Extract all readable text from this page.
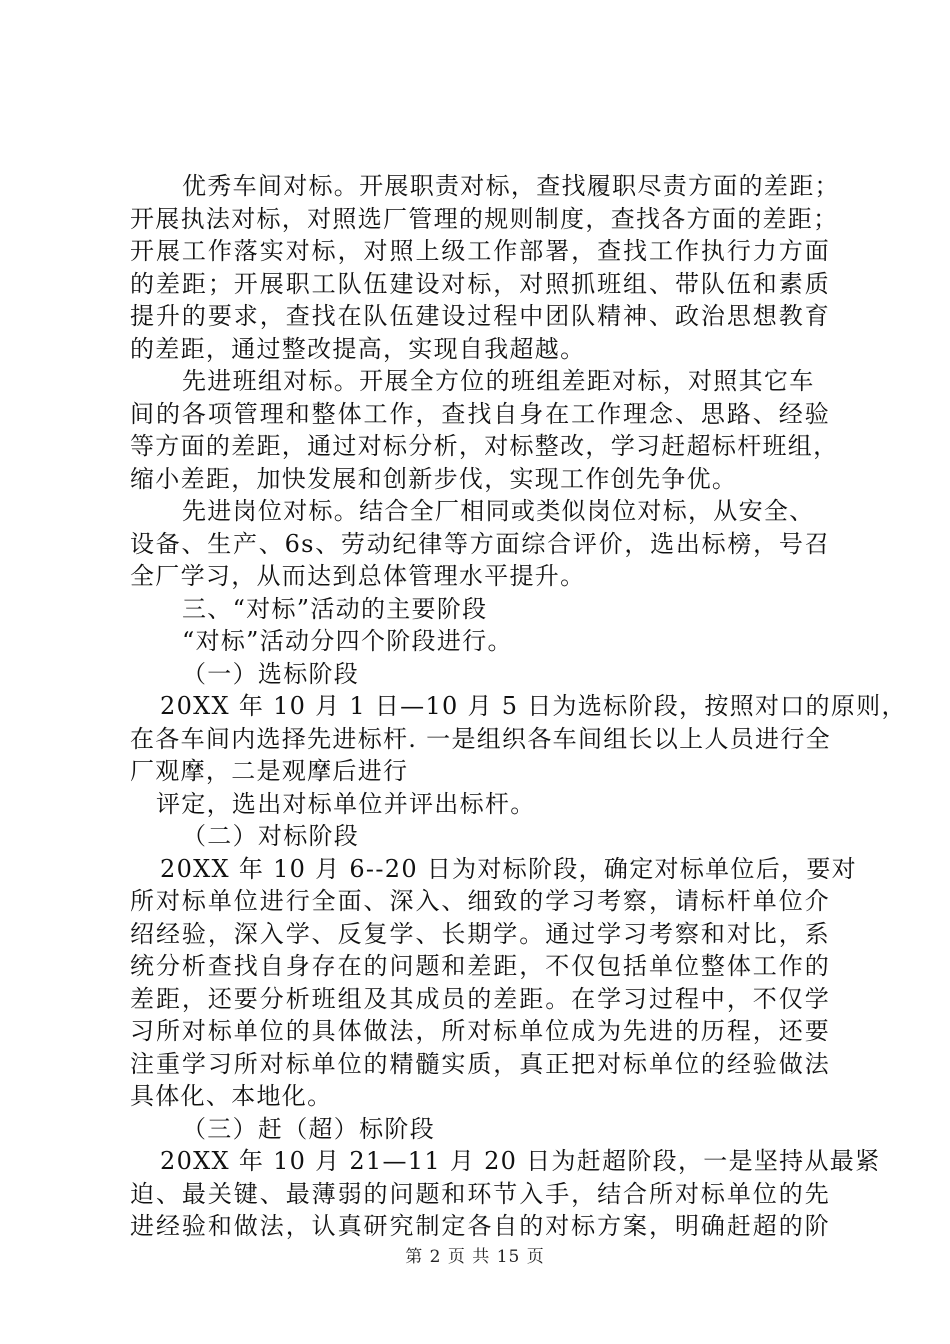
优秀车间对标。开展职责对标，查找履职尽责方面的差距；
开展执法对标，对照选厂管理的规则制度，查找各方面的差距；
开展工作落实对标，对照上级工作部署，查找工作执行力方面
的差距；开展职工队伍建设对标，对照抓班组、带队伍和素质
提升的要求，查找在队伍建设过程中团队精神、政治思想教育
的差距，通过整改提高，实现自我超越。
先进班组对标。开展全方位的班组差距对标，对照其它车
间的各项管理和整体工作，查找自身在工作理念、思路、经验
等方面的差距，通过对标分析，对标整改，学习赶超标杆班组，
缩小差距，加快发展和创新步伐，实现工作创先争优。
先进岗位对标。结合全厂相同或类似岗位对标，从安全、
设备、生产、6s、劳动纪律等方面综合评价，选出标榜，号召
全厂学习，从而达到总体管理水平提升。
三、“对标”活动的主要阶段
“对标”活动分四个阶段进行。
（一）选标阶段
20XX 年 10 月 1 日—10 月 5 日为选标阶段，按照对口的原则，
在各车间内选择先进标杆. 一是组织各车间组长以上人员进行全
厂观摩，二是观摩后进行
评定，选出对标单位并评出标杆。
（二）对标阶段
20XX 年 10 月 6--20 日为对标阶段，确定对标单位后，要对
所对标单位进行全面、深入、细致的学习考察，请标杆单位介
绍经验，深入学、反复学、长期学。通过学习考察和对比，系
统分析查找自身存在的问题和差距，不仅包括单位整体工作的
差距，还要分析班组及其成员的差距。在学习过程中，不仅学
习所对标单位的具体做法，所对标单位成为先进的历程，还要
注重学习所对标单位的精髓实质，真正把对标单位的经验做法
具体化、本地化。
（三）赶（超）标阶段
20XX 年 10 月 21—11 月 20 日为赶超阶段，一是坚持从最紧
迫、最关键、最薄弱的问题和环节入手，结合所对标单位的先
进经验和做法，认真研究制定各自的对标方案，明确赶超的阶
第 2 页 共 15 页
